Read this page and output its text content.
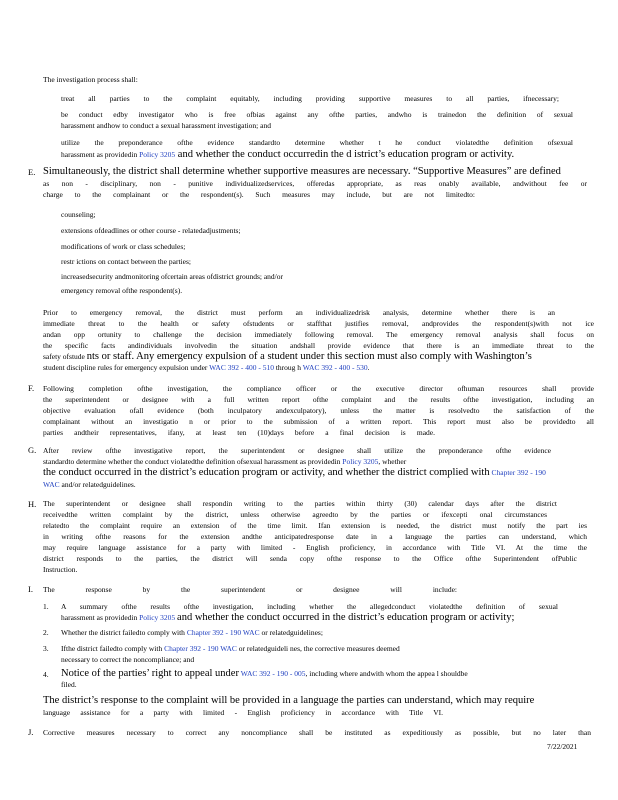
The investigation process shall:
treat all parties to the complaint equitably, including providing supportive measures to all parties, ifnecessary;
be conduct edby investigator who is free ofbias against any ofthe parties, andwho is trainedon the definition of sexual
harassment andhow to conduct a sexual harassment investigation; and
utilize the preponderance ofthe evidence standardto determine whether t he conduct violatedthe definition ofsexual
harassment as providedin Policy 3205 and whether the conduct occurredin the d istrict’s education program or activity.
E. Simultaneously, the district shall determine whether supportive measures are necessary. “Supportive Measures” are defined
as non - disciplinary, non - punitive individualizedservices, offeredas appropriate, as reas onably available, andwithout fee or
charge to the complainant or the respondent(s). Such measures may include, but are not limitedto:
counseling;
extensions ofdeadlines or other course - relatedadjustments;
modifications of work or class schedules;
restr ictions on contact between the parties;
increasedsecurity andmonitoring ofcertain areas ofdistrict grounds; and/or
emergency removal ofthe respondent(s).
Prior to emergency removal, the district must perform an individualizedrisk analysis, determine whether there is an
immediate threat to the health or safety ofstudents or staffthat justifies removal, andprovides the respondent(s)with not ice
andan opp ortunity to challenge the decision immediately following removal. The emergency removal analysis shall focus on
the specific facts andindividuals involvedin the situation andshall provide evidence that there is an immediate threat to the
safety ofstude nts or staff. Any emergency expulsion of a student under this section must also comply with Washington’s
student discipline rules for emergency expulsion under WAC 392 - 400 - 510 throug h WAC 392 - 400 - 530.
F. Following completion ofthe investigation, the compliance officer or the executive director ofhuman resources shall provide
the superintendent or designee with a full written report ofthe complaint and the results ofthe investigation, including an
objective evaluation ofall evidence (both inculpatory andexculpatory), unless the matter is resolvedto the satisfaction of the
complainant without an investigatio n or prior to the submission of a written report. This report must also be providedto all
parties andtheir representatives, ifany, at least ten (10)days before a final decision is made.
G. After review ofthe investigative report, the superintendent or designee shall utilize the preponderance ofthe evidence
standardto determine whether the conduct violatedthe definition ofsexual harassment as providedin Policy 3205, whether
the conduct occurred in the district’s education program or activity, and whether the district complied with Chapter 392 - 190
WAC and/or relatedguidelines.
H. The superintendent or designee shall respondin writing to the parties within thirty (30) calendar days after the district
receivedthe written complaint by the district, unless otherwise agreedto by the parties or ifexcepti onal circumstances
relatedto the complaint require an extension of the time limit. Ifan extension is needed, the district must notify the part ies
in writing ofthe reasons for the extension andthe anticipatedresponse date in a language the parties can understand, which
may require language assistance for a party with limited - English proficiency, in accordance with Title VI. At the time the
district responds to the parties, the district will senda copy ofthe response to the Office ofthe Superintendent ofPublic
Instruction.
I. The response by the superintendent or designee will include:
1. A summary ofthe results ofthe investigation, including whether the allegedconduct violatedthe definition of sexual
harassment as providedin Policy 3205 and whether the conduct occurred in the district’s education program or activity;
2. Whether the district failedto comply with Chapter 392 - 190 WAC or relatedguidelines;
3. Ifthe district failedto comply with Chapter 392 - 190 WAC or relatedguideli nes, the corrective measures deemed
necessary to correct the noncompliance; and
4. Notice of the parties’ right to appeal under WAC 392 - 190 - 005, including where andwith whom the appea l shouldbe
filed.
The district’s response to the complaint will be provided in a language the parties can understand, which may require
language assistance for a party with limited - English proficiency in accordance with Title VI.
J. Corrective measures necessary to correct any noncompliance shall be instituted as expeditiously as possible, but no later than
7/22/2021
